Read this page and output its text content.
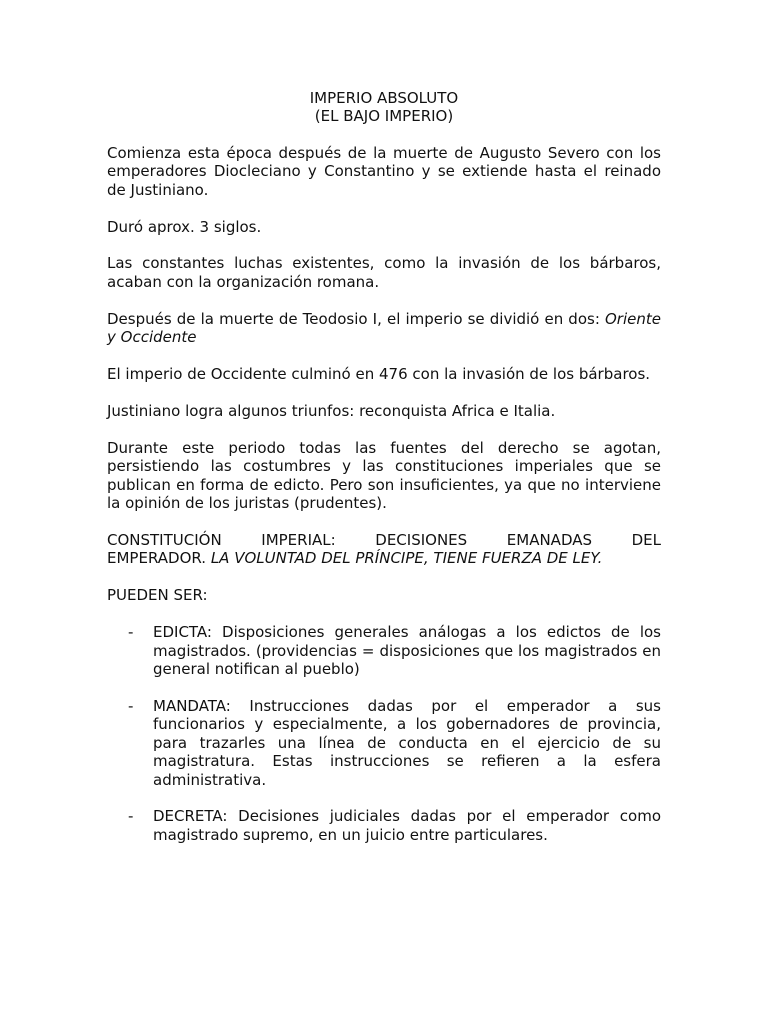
IMPERIO ABSOLUTO
(EL BAJO IMPERIO)

Comienza esta época después de la muerte de Augusto Severo con los emperadores Diocleciano y Constantino y se extiende hasta el reinado de Justiniano.

Duró aprox. 3 siglos.

Las constantes luchas existentes, como la invasión de los bárbaros, acaban con la organización romana.

Después de la muerte de Teodosio I, el imperio se dividió en dos: Oriente y Occidente

El imperio de Occidente culminó en 476 con la invasión de los bárbaros.

Justiniano logra algunos triunfos: reconquista Africa e Italia.

Durante este periodo todas las fuentes del derecho se agotan, persistiendo las costumbres y las constituciones imperiales que se publican en forma de edicto. Pero son insuficientes, ya que no interviene la opinión de los juristas (prudentes).

CONSTITUCIÓN IMPERIAL: DECISIONES EMANADAS DEL
EMPERADOR. LA VOLUNTAD DEL PRÍNCIPE, TIENE FUERZA DE LEY.

PUEDEN SER:

- EDICTA: Disposiciones generales análogas a los edictos de los magistrados. (providencias = disposiciones que los magistrados en general notifican al pueblo)
- MANDATA: Instrucciones dadas por el emperador a sus funcionarios y especialmente, a los gobernadores de provincia, para trazarles una línea de conducta en el ejercicio de su magistratura. Estas instrucciones se refieren a la esfera administrativa.
- DECRETA: Decisiones judiciales dadas por el emperador como magistrado supremo, en un juicio entre particulares.
